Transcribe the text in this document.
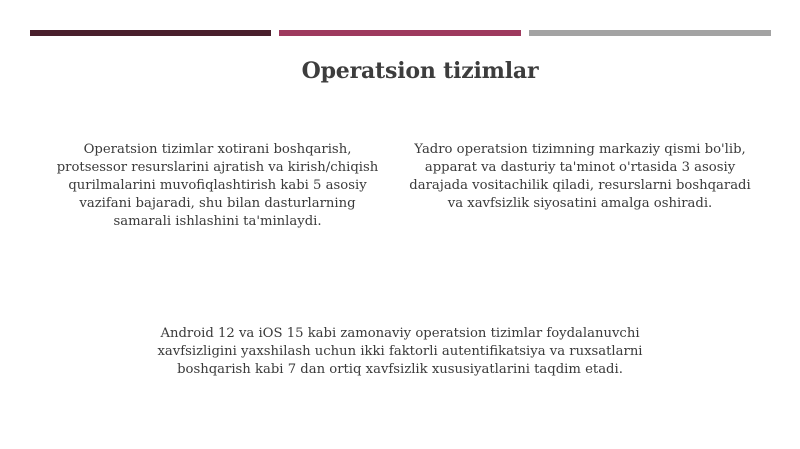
Operatsion tizimlar

Operatsion tizimlar xotirani boshqarish, protsessor resurslarini ajratish va kirish/chiqish qurilmalarini muvofiqlashtirish kabi 5 asosiy vazifani bajaradi, shu bilan dasturlarning samarali ishlashini ta'minlaydi.

Yadro operatsion tizimning markaziy qismi bo'lib, apparat va dasturiy ta'minot o'rtasida 3 asosiy darajada vositachilik qiladi, resurslarni boshqaradi va xavfsizlik siyosatini amalga oshiradi.

Android 12 va iOS 15 kabi zamonaviy operatsion tizimlar foydalanuvchi xavfsizligini yaxshilash uchun ikki faktorli autentifikatsiya va ruxsatlarni boshqarish kabi 7 dan ortiq xavfsizlik xususiyatlarini taqdim etadi.
